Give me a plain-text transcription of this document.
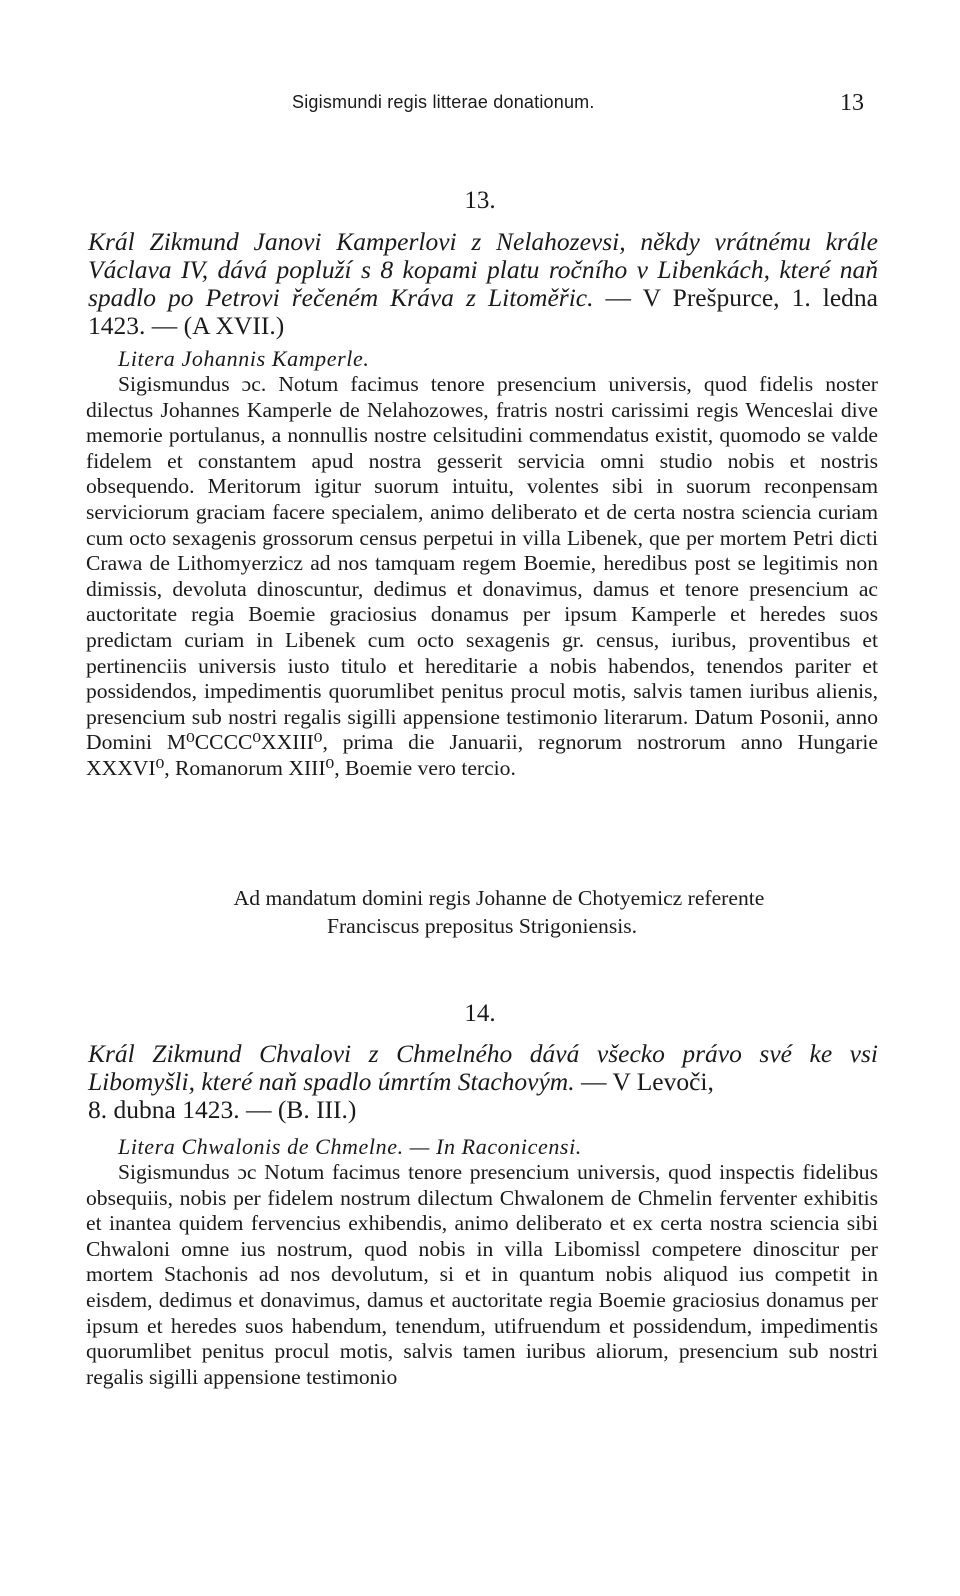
Sigismundi regis litterae donationum.	13
13.
Král Zikmund Janovi Kamperlovi z Nelahozevsi, někdy vrátnému krále Václava IV, dává popluží s 8 kopami platu ročního v Libenkách, které naň spadlo po Petrovi řečeném Kráva z Litoměřic. — V Prešpurce, 1. ledna 1423. — (A XVII.)
Litera Johannis Kamperle.

Sigismundus ɔc. Notum facimus tenore presencium universis, quod fidelis noster dilectus Johannes Kamperle de Nelahozowes, fratris nostri carissimi regis Wenceslai dive memorie portulanus, a nonnullis nostre celsitudini commendatus existit, quomodo se valde fidelem et constantem apud nostra gesserit servicia omni studio nobis et nostris obsequendo. Meritorum igitur suorum intuitu, volentes sibi in suorum reconpensam serviciorum graciam facere specialem, animo deliberato et de certa nostra sciencia curiam cum octo sexagenis grossorum census perpetui in villa Libenek, que per mortem Petri dicti Crawa de Lithomyerzicz ad nos tamquam regem Boemie, heredibus post se legitimis non dimissis, devoluta dinoscuntur, dedimus et donavimus, damus et tenore presencium ac auctoritate regia Boemie graciosius donamus per ipsum Kamperle et heredes suos predictam curiam in Libenek cum octo sexagenis gr. census, iuribus, proventibus et pertinenciis universis iusto titulo et hereditarie a nobis habendos, tenendos pariter et possidendos, impedimentis quorumlibet penitus procul motis, salvis tamen iuribus alienis, presencium sub nostri regalis sigilli appensione testimonio literarum. Datum Posonii, anno Domini M⁰CCCC⁰XXIII⁰, prima die Januarii, regnorum nostrorum anno Hungarie XXXVI⁰, Romanorum XIII⁰, Boemie vero tercio.

Ad mandatum domini regis Johanne de Chotyemicz referente
Franciscus prepositus Strigoniensis.
14.
Král Zikmund Chvalovi z Chmelného dává všecko právo své ke vsi Libomyšli, které naň spadlo úmrtím Stachovým. — V Levoči,
8. dubna 1423. — (B. III.)
Litera Chwalonis de Chmelne. — In Raconicensi.

Sigismundus ɔc Notum facimus tenore presencium universis, quod inspectis fidelibus obsequiis, nobis per fidelem nostrum dilectum Chwalonem de Chmelin ferventer exhibitis et inantea quidem fervencius exhibendis, animo deliberato et ex certa nostra sciencia sibi Chwaloni omne ius nostrum, quod nobis in villa Libomissl competere dinoscitur per mortem Stachonis ad nos devolutum, si et in quantum nobis aliquod ius competit in eisdem, dedimus et donavimus, damus et auctoritate regia Boemie graciosius donamus per ipsum et heredes suos habendum, tenendum, utifruendum et possidendum, impedimentis quorumlibet penitus procul motis, salvis tamen iuribus aliorum, presencium sub nostri regalis sigilli appensione testimonio
